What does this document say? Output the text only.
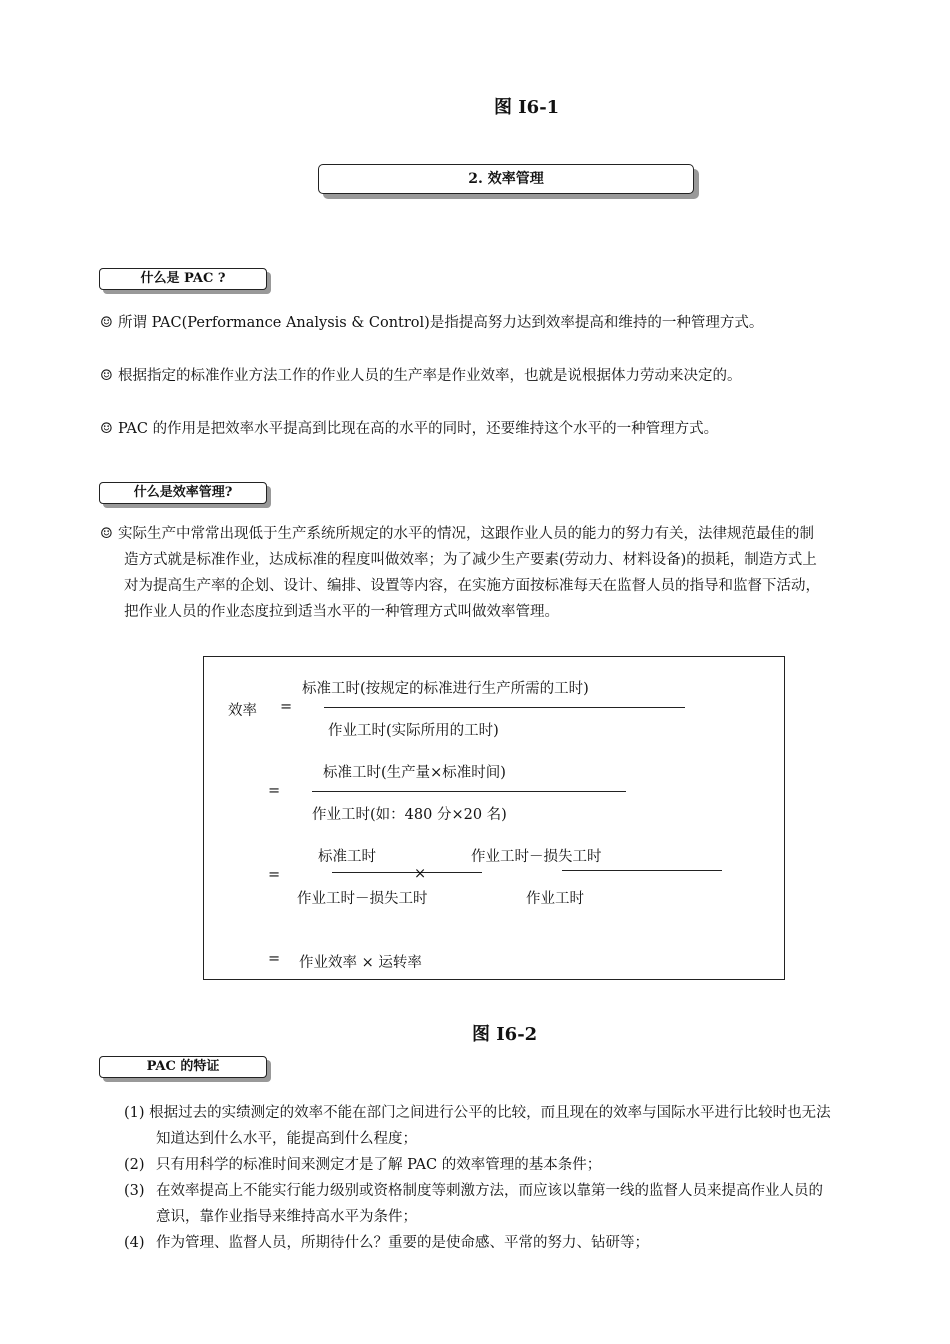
图 I6-1
2. 效率管理
什么是 PAC ?
☺ 所谓 PAC(Performance Analysis & Control)是指提高努力达到效率提高和维持的一种管理方式。
☺ 根据指定的标准作业方法工作的作业人员的生产率是作业效率，也就是说根据体力劳动来决定的。
☺ PAC 的作用是把效率水平提高到比现在高的水平的同时，还要维持这个水平的一种管理方式。
什么是效率管理?
☺ 实际生产中常常出现低于生产系统所规定的水平的情况，这跟作业人员的能力的努力有关，法律规范最佳的制
造方式就是标准作业，达成标准的程度叫做效率；为了减少生产要素(劳动力、材料设备)的损耗，制造方式上
对为提高生产率的企划、设计、编排、设置等内容，在实施方面按标准每天在监督人员的指导和监督下活动，
把作业人员的作业态度拉到适当水平的一种管理方式叫做效率管理。
效率 =
标准工时(按规定的标准进行生产所需的工时)
作业工时(实际所用的工时)
=
标准工时(生产量×标准时间)
作业工时(如：480 分×20 名)
=
标准工时
作业工时－损失工时
×
作业工时－损失工时
作业工时
= 作业效率 × 运转率
图 I6-2
PAC 的特证
(1) 根据过去的实绩测定的效率不能在部门之间进行公平的比较，而且现在的效率与国际水平进行比较时也无法
知道达到什么水平，能提高到什么程度；
(2) 只有用科学的标准时间来测定才是了解 PAC 的效率管理的基本条件；
(3) 在效率提高上不能实行能力级别或资格制度等刺激方法，而应该以靠第一线的监督人员来提高作业人员的
意识，靠作业指导来维持高水平为条件；
(4) 作为管理、监督人员，所期待什么？重要的是使命感、平常的努力、钻研等；
